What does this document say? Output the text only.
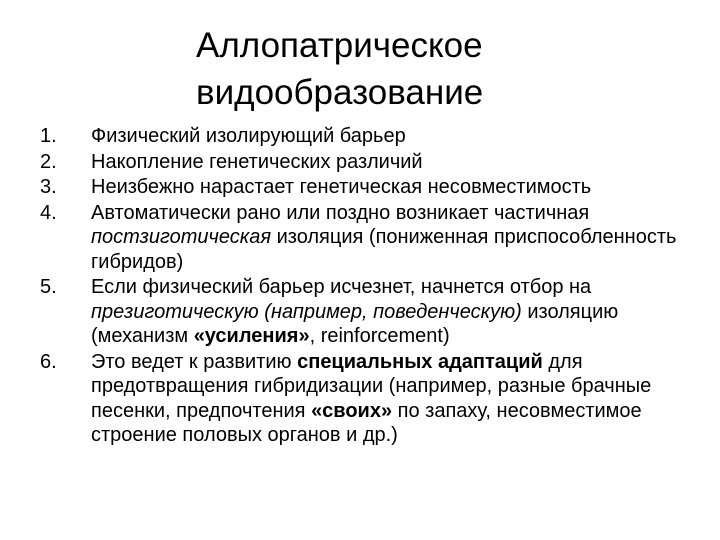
Аллопатрическое
видообразование
1.	Физический изолирующий барьер
2.	Накопление генетических различий
3.	Неизбежно нарастает генетическая несовместимость
4.	Автоматически рано или поздно возникает частичная постзиготическая изоляция (пониженная приспособленность гибридов)
5.	Если физический барьер исчезнет, начнется отбор на презиготическую (например, поведенческую) изоляцию (механизм «усиления», reinforcement)
6.	Это ведет к развитию специальных адаптаций для предотвращения гибридизации (например, разные брачные песенки, предпочтения «своих» по запаху, несовместимое строение половых органов и др.)
